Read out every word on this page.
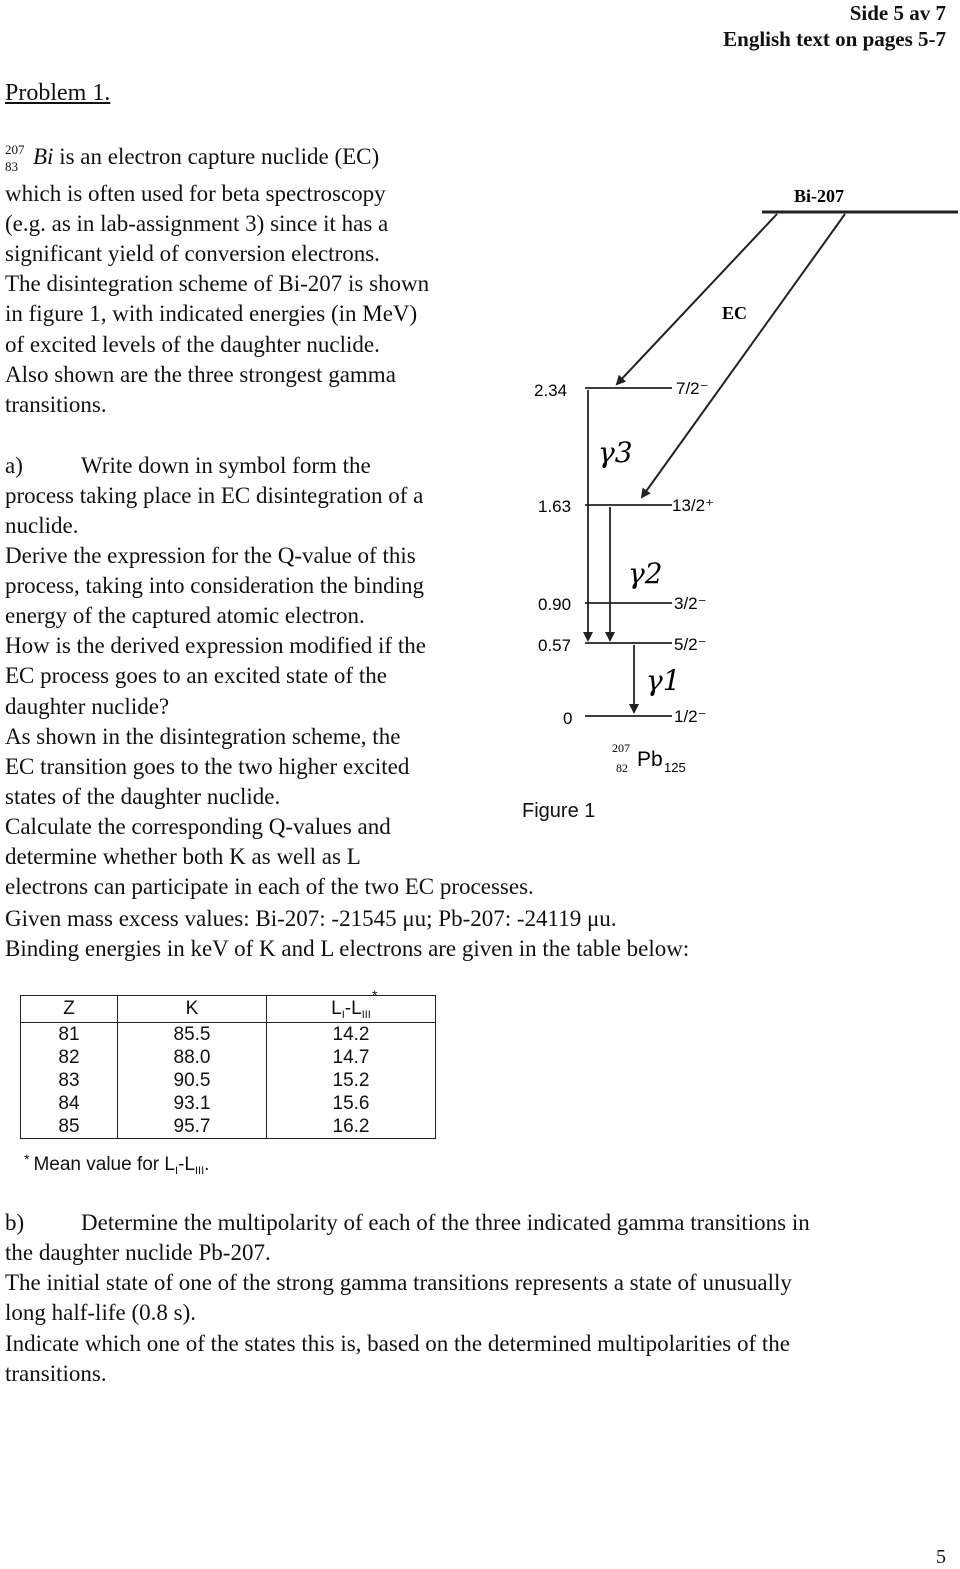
Side 5 av 7
English text on pages 5-7
Problem 1.
207
83 Bi is an electron capture nuclide (EC)
which is often used for beta spectroscopy
(e.g. as in lab-assignment 3) since it has a
significant yield of conversion electrons.
The disintegration scheme of Bi-207 is shown
in figure 1, with indicated energies (in MeV)
of excited levels of the daughter nuclide.
Also shown are the three strongest gamma
transitions.
a)	Write down in symbol form the
process taking place in EC disintegration of a
nuclide.
Derive the expression for the Q-value of this
process, taking into consideration the binding
energy of the captured atomic electron.
How is the derived expression modified if the
EC process goes to an excited state of the
daughter nuclide?
As shown in the disintegration scheme, the
EC transition goes to the two higher excited
states of the daughter nuclide.
Calculate the corresponding Q-values and
determine whether both K as well as L
electrons can participate in each of the two EC processes.
Given mass excess values: Bi-207: -21545 μu; Pb-207: -24119 μu.
Binding energies in keV of K and L electrons are given in the table below:
Bi-207
EC
2.34	7/2⁻
1.63	13/2⁺
0.90	3/2⁻
0.57	5/2⁻
0	1/2⁻
γ3
γ2
γ1
207
82 Pb 125
Figure 1
Z	K	$L_I-L_{III}$
81	85.5	14.2
82	88.0	14.7
83	90.5	15.2
84	93.1	15.6
85	95.7	16.2
*
* Mean value for $L_I-L_{III}$.
b) Determine the multipolarity of each of the three indicated gamma transitions in
the daughter nuclide Pb-207.
The initial state of one of the strong gamma transitions represents a state of unusually
long half-life (0.8 s).
Indicate which one of the states this is, based on the determined multipolarities of the
transitions.
5
